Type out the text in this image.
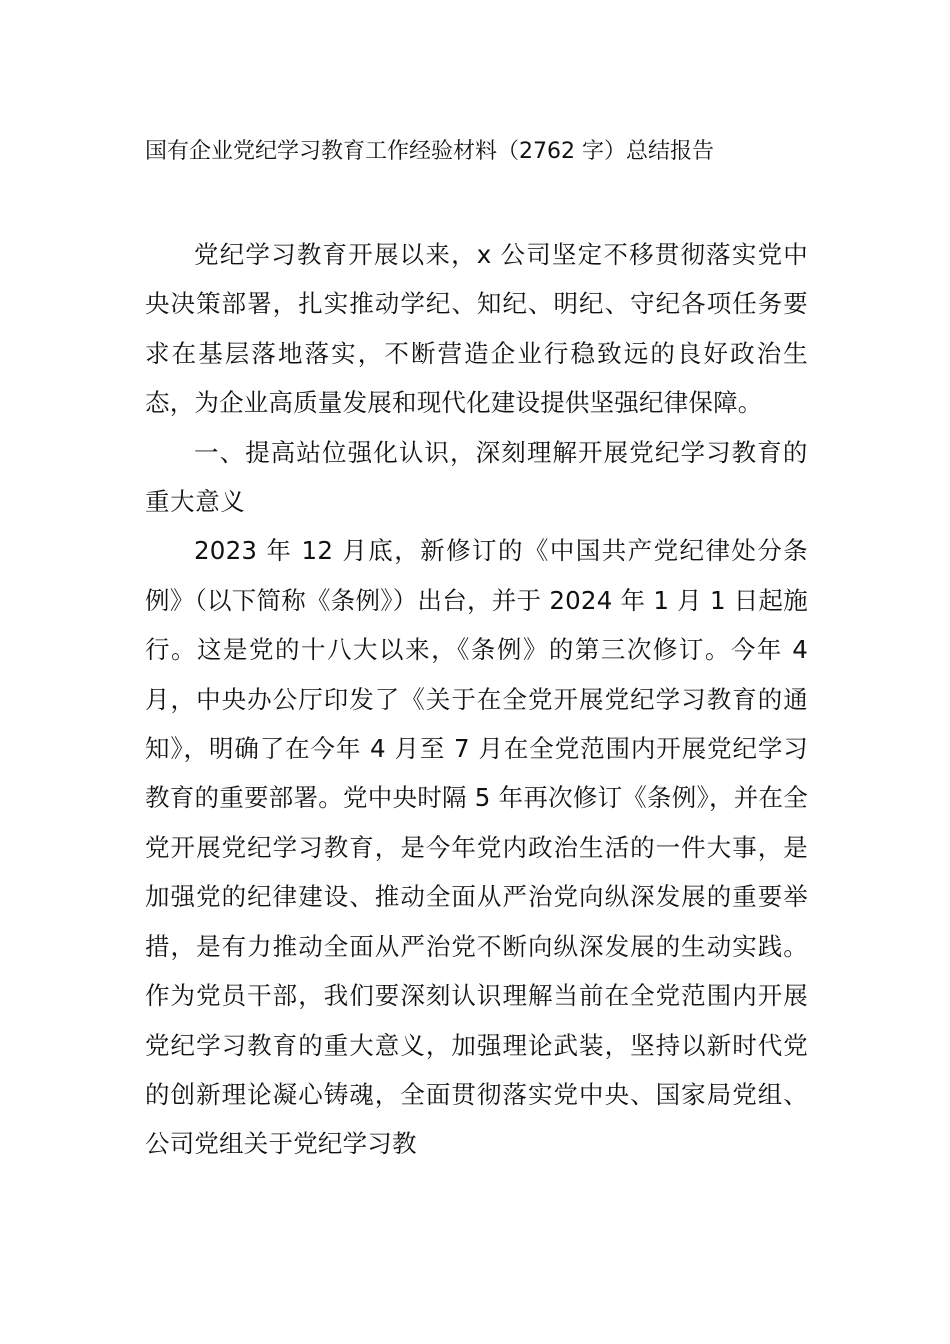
国有企业党纪学习教育工作经验材料（2762 字）总结报告

党纪学习教育开展以来，x 公司坚定不移贯彻落实党中央决策部署，扎实推动学纪、知纪、明纪、守纪各项任务要求在基层落地落实，不断营造企业行稳致远的良好政治生态，为企业高质量发展和现代化建设提供坚强纪律保障。

一、提高站位强化认识，深刻理解开展党纪学习教育的重大意义

2023 年 12 月底，新修订的《中国共产党纪律处分条例》（以下简称《条例》）出台，并于 2024 年 1 月 1 日起施行。这是党的十八大以来，《条例》的第三次修订。今年 4 月，中央办公厅印发了《关于在全党开展党纪学习教育的通知》，明确了在今年 4 月至 7 月在全党范围内开展党纪学习教育的重要部署。党中央时隔 5 年再次修订《条例》，并在全党开展党纪学习教育，是今年党内政治生活的一件大事，是加强党的纪律建设、推动全面从严治党向纵深发展的重要举措，是有力推动全面从严治党不断向纵深发展的生动实践。作为党员干部，我们要深刻认识理解当前在全党范围内开展党纪学习教育的重大意义，加强理论武装，坚持以新时代党的创新理论凝心铸魂，全面贯彻落实党中央、国家局党组、公司党组关于党纪学习教
